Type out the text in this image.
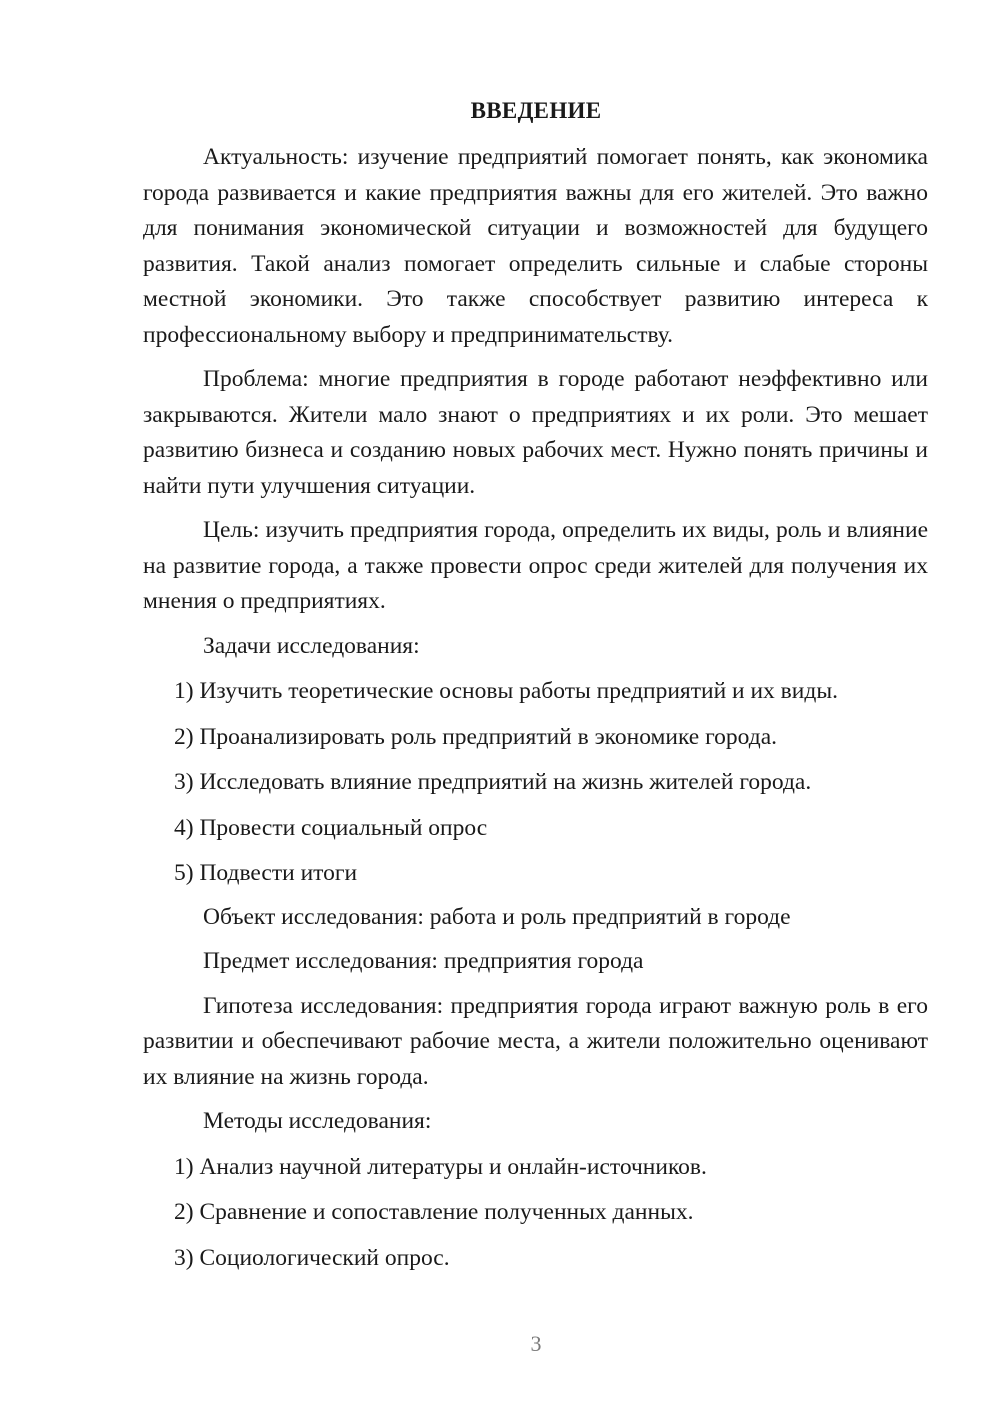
ВВЕДЕНИЕ

Актуальность: изучение предприятий помогает понять, как экономика города развивается и какие предприятия важны для его жителей. Это важно для понимания экономической ситуации и возможностей для будущего развития. Такой анализ помогает определить сильные и слабые стороны местной экономики. Это также способствует развитию интереса к профессиональному выбору и предпринимательству.

Проблема: многие предприятия в городе работают неэффективно или закрываются. Жители мало знают о предприятиях и их роли. Это мешает развитию бизнеса и созданию новых рабочих мест. Нужно понять причины и найти пути улучшения ситуации.

Цель: изучить предприятия города, определить их виды, роль и влияние на развитие города, а также провести опрос среди жителей для получения их мнения о предприятиях.

Задачи исследования:

1) Изучить теоретические основы работы предприятий и их виды.
2) Проанализировать роль предприятий в экономике города.
3) Исследовать влияние предприятий на жизнь жителей города.
4) Провести социальный опрос
5) Подвести итоги

Объект исследования: работа и роль предприятий в городе

Предмет исследования: предприятия города

Гипотеза исследования: предприятия города играют важную роль в его развитии и обеспечивают рабочие места, а жители положительно оценивают их влияние на жизнь города.

Методы исследования:

1) Анализ научной литературы и онлайн-источников.
2) Сравнение и сопоставление полученных данных.
3) Социологический опрос.
3
